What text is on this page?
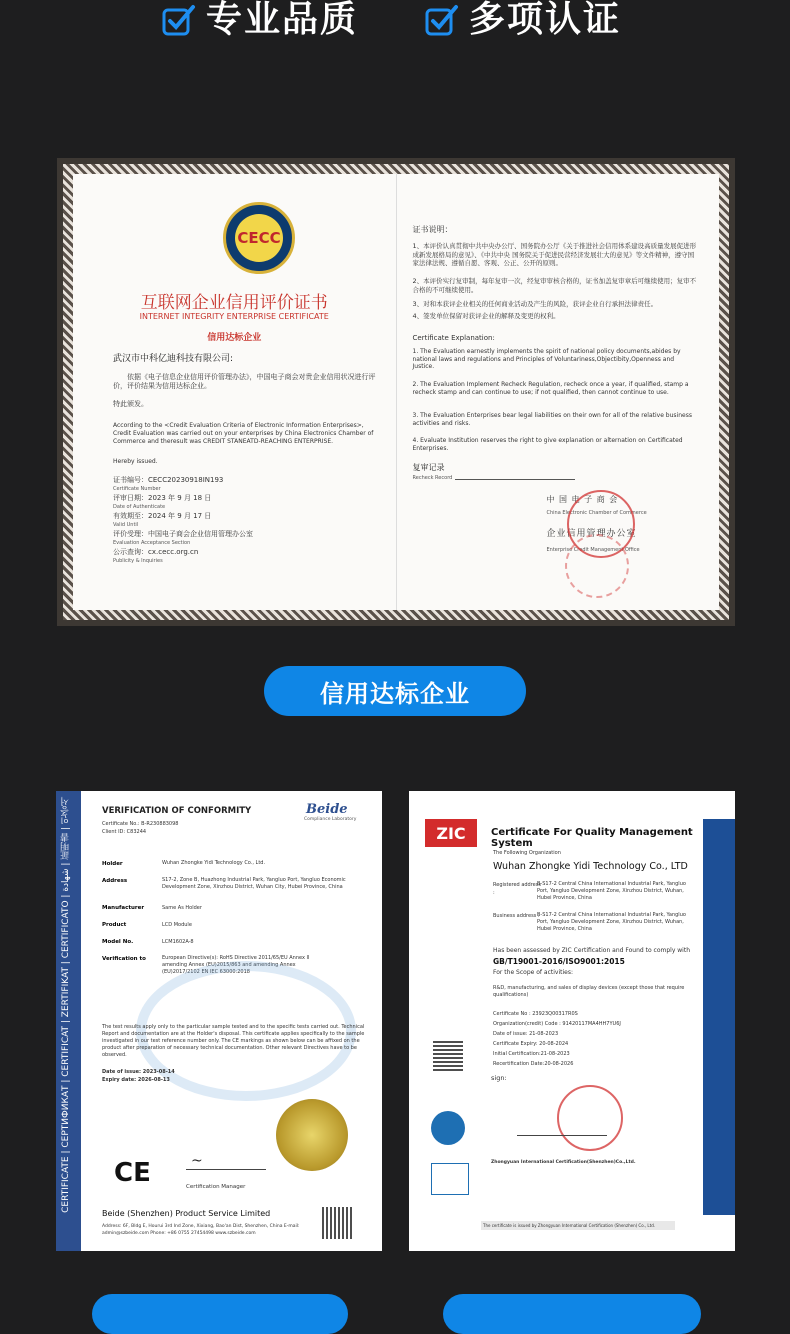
专业品质	多项认证
CECC
互联网企业信用评价证书
INTERNET INTEGRITY ENTERPRISE CERTIFICATE
信用达标企业
武汉市中科亿迪科技有限公司:
依据《电子信息企业信用评价管理办法》，中国电子商会对贵企业信用状况进行评价，评价结果为信用达标企业。
特此颁发。
According to the <Credit Evaluation Criteria of Electronic Information Enterprises>, Credit Evaluation was carried out on your enterprises by China Electronics Chamber of Commerce and theresult was CREDIT STANEATD-REACHING ENTERPRISE.
Hereby issued.
证书编号：CECC20230918IN193
Certificate Number
评审日期：2023 年 9 月 18 日
Date of Authenticate
有效期至：2024 年 9 月 17 日
Valid Until
评价受理：中国电子商会企业信用管理办公室
Evaluation Acceptance Section
公示查询：cx.cecc.org.cn
Publicity & Inquiries
证书说明：
1、本评价认真贯彻中共中央办公厅、国务院办公厅《关于推进社会信用体系建设高质量发展促进形成新发展格局的意见》、《中共中央 国务院关于促进民营经济发展壮大的意见》等文件精神，遵守国家法律法规、遵循自愿、客观、公正、公开的原则。
2、本评价实行复审制，每年复审一次，经复审审核合格的，证书加盖复审章后可继续使用；复审不合格的不可继续使用。
3、对和本获评企业相关的任何商业活动及产生的风险，获评企业自行承担法律责任。
4、签发单位保留对获评企业的解释及变更的权利。
Certificate Explanation:
1. The Evaluation earnestly implements the spirit of national policy documents,abides by national laws and regulations and Principles of Voluntariness,Objectibity,Openness and Justice.
2. The Evaluation Implement Recheck Regulation, recheck once a year, if qualified, stamp a recheck stamp and can continue to use; if not qualified, then cannot continue to use.
3. The Evaluation Enterprises bear legal liabilities on their own for all of the relative business activities and risks.
4. Evaluate Institution reserves the right to give explanation or alternation on Certificated Enterprises.
复审记录
Recheck Record
中 国 电 子 商 会
China Electronic Chamber of Commerce
企业信用管理办公室
Enterprise Credit Management Office
信用达标企业
CERTIFICATE | СЕРТИФИКАТ | CERTIFICAT | ZERTIFIKAT | CERTIFICATO | شهادة | 証明書 | 인증서	VERIFICATION OF CONFORMITY	Beide
Compliance Laboratory
Certificate No.: B-R230883098
Client ID: C83244
Holder	Wuhan Zhongke Yidi Technology Co., Ltd.
Address	S17-2, Zone B, Huazhong Industrial Park, Yangluo Port, Yangluo Economic Development Zone, Xinzhou District, Wuhan City, Hubei Province, China
Manufacturer	Same As Holder
Product	LCD Module
Model No.	LCM1602A-8
Verification to	European Directive(s): RoHS Directive 2011/65/EU Annex II amending Annex (EU)2015/863 and amending Annex (EU)2017/2102 EN IEC 63000:2018
The test results apply only to the particular sample tested and to the specific tests carried out. Technical Report and documentation are at the Holder's disposal. This certificate applies specifically to the sample investigated in our test reference number only. The CE markings as shown below can be affixed on the product after preparation of necessary technical documentation. Other relevant Directives have to be observed.
Date of issue: 2023-08-14
Expiry date: 2026-08-13
CE	~
Certification Manager
Beide (Shenzhen) Product Service Limited
Address: 6F, Bldg E, Hourui 3rd Ind Zone, Xixiang, Bao'an Dist, Shenzhen, China E-mail: admin@szbeide.com Phone: +86 0755 27454498 www.szbeide.com
ZIC	Certificate For Quality Management System
The Following Organization
Wuhan Zhongke Yidi Technology Co., LTD
Registered address :
B-S17-2 Central China International Industrial Park, Yangluo Port, Yangluo Development Zone, Xinzhou District, Wuhan, Hubei Province, China
Business address :
B-S17-2 Central China International Industrial Park, Yangluo Port, Yangluo Development Zone, Xinzhou District, Wuhan, Hubei Province, China
Has been assessed by ZIC Certification and Found to comply with
GB/T19001-2016/ISO9001:2015
For the Scope of activities:
R&D, manufacturing, and sales of display devices (except those that require qualifications)
Certificate No : 23923Q00317R0S
Organization(credit) Code : 91420117MA4HH7YU6J
Date of issue: 21-08-2023
Certificate Expiry: 20-08-2024
Initial Certification:21-08-2023
Recertification Date:20-08-2026
sign:
Zhongyuan International Certification(Shenzhen)Co.,Ltd.
The certificate is issued by Zhongyuan International Certification (Shenzhen) Co., Ltd.
